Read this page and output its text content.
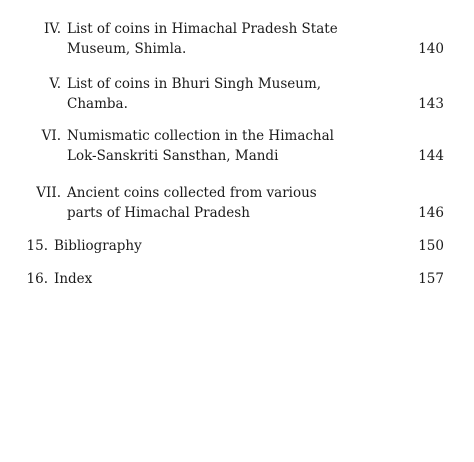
IV. List of coins in Himachal Pradesh State
Museum, Shimla.	140
V. List of coins in Bhuri Singh Museum,
Chamba.	143
VI. Numismatic collection in the Himachal
Lok-Sanskriti Sansthan, Mandi	144
VII. Ancient coins collected from various
parts of Himachal Pradesh	146
15. Bibliography	150
16. Index	157
